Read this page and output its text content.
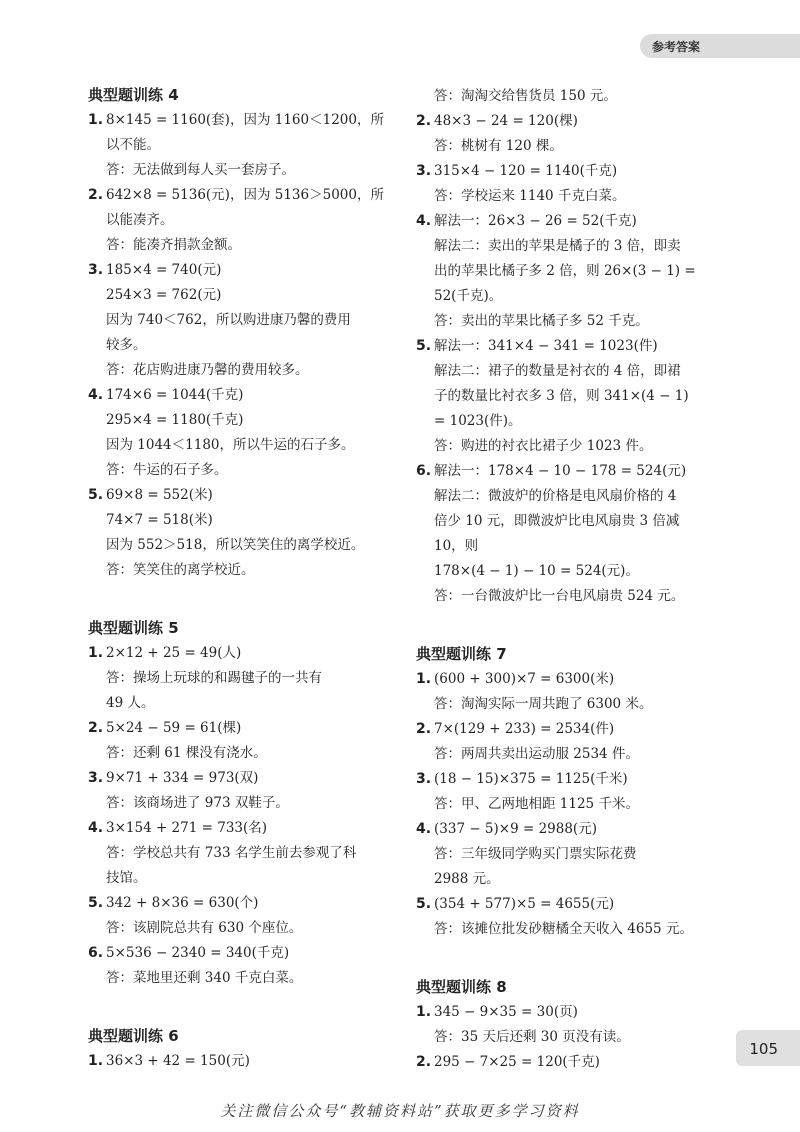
参考答案
典型题训练 4
1. 8×145 = 1160(套)，因为 1160＜1200，所
以不能。
答：无法做到每人买一套房子。
2. 642×8 = 5136(元)，因为 5136＞5000，所
以能凑齐。
答：能凑齐捐款金额。
3. 185×4 = 740(元)
254×3 = 762(元)
因为 740＜762，所以购进康乃馨的费用
较多。
答：花店购进康乃馨的费用较多。
4. 174×6 = 1044(千克)
295×4 = 1180(千克)
因为 1044＜1180，所以牛运的石子多。
答：牛运的石子多。
5. 69×8 = 552(米)
74×7 = 518(米)
因为 552＞518，所以笑笑住的离学校近。
答：笑笑住的离学校近。
典型题训练 5
1. 2×12 + 25 = 49(人)
答：操场上玩球的和踢毽子的一共有
49 人。
2. 5×24 − 59 = 61(棵)
答：还剩 61 棵没有浇水。
3. 9×71 + 334 = 973(双)
答：该商场进了 973 双鞋子。
4. 3×154 + 271 = 733(名)
答：学校总共有 733 名学生前去参观了科
技馆。
5. 342 + 8×36 = 630(个)
答：该剧院总共有 630 个座位。
6. 5×536 − 2340 = 340(千克)
答：菜地里还剩 340 千克白菜。
典型题训练 6
1. 36×3 + 42 = 150(元)
答：淘淘交给售货员 150 元。
2. 48×3 − 24 = 120(棵)
答：桃树有 120 棵。
3. 315×4 − 120 = 1140(千克)
答：学校运来 1140 千克白菜。
4. 解法一：26×3 − 26 = 52(千克)
解法二：卖出的苹果是橘子的 3 倍，即卖
出的苹果比橘子多 2 倍，则 26×(3 − 1) =
52(千克)。
答：卖出的苹果比橘子多 52 千克。
5. 解法一：341×4 − 341 = 1023(件)
解法二：裙子的数量是衬衣的 4 倍，即裙
子的数量比衬衣多 3 倍，则 341×(4 − 1)
= 1023(件)。
答：购进的衬衣比裙子少 1023 件。
6. 解法一：178×4 − 10 − 178 = 524(元)
解法二：微波炉的价格是电风扇价格的 4
倍少 10 元，即微波炉比电风扇贵 3 倍减
10，则
178×(4 − 1) − 10 = 524(元)。
答：一台微波炉比一台电风扇贵 524 元。
典型题训练 7
1. (600 + 300)×7 = 6300(米)
答：淘淘实际一周共跑了 6300 米。
2. 7×(129 + 233) = 2534(件)
答：两周共卖出运动服 2534 件。
3. (18 − 15)×375 = 1125(千米)
答：甲、乙两地相距 1125 千米。
4. (337 − 5)×9 = 2988(元)
答：三年级同学购买门票实际花费
2988 元。
5. (354 + 577)×5 = 4655(元)
答：该摊位批发砂糖橘全天收入 4655 元。
典型题训练 8
1. 345 − 9×35 = 30(页)
答：35 天后还剩 30 页没有读。
2. 295 − 7×25 = 120(千克)
105
关注微信公众号“教辅资料站”获取更多学习资料
